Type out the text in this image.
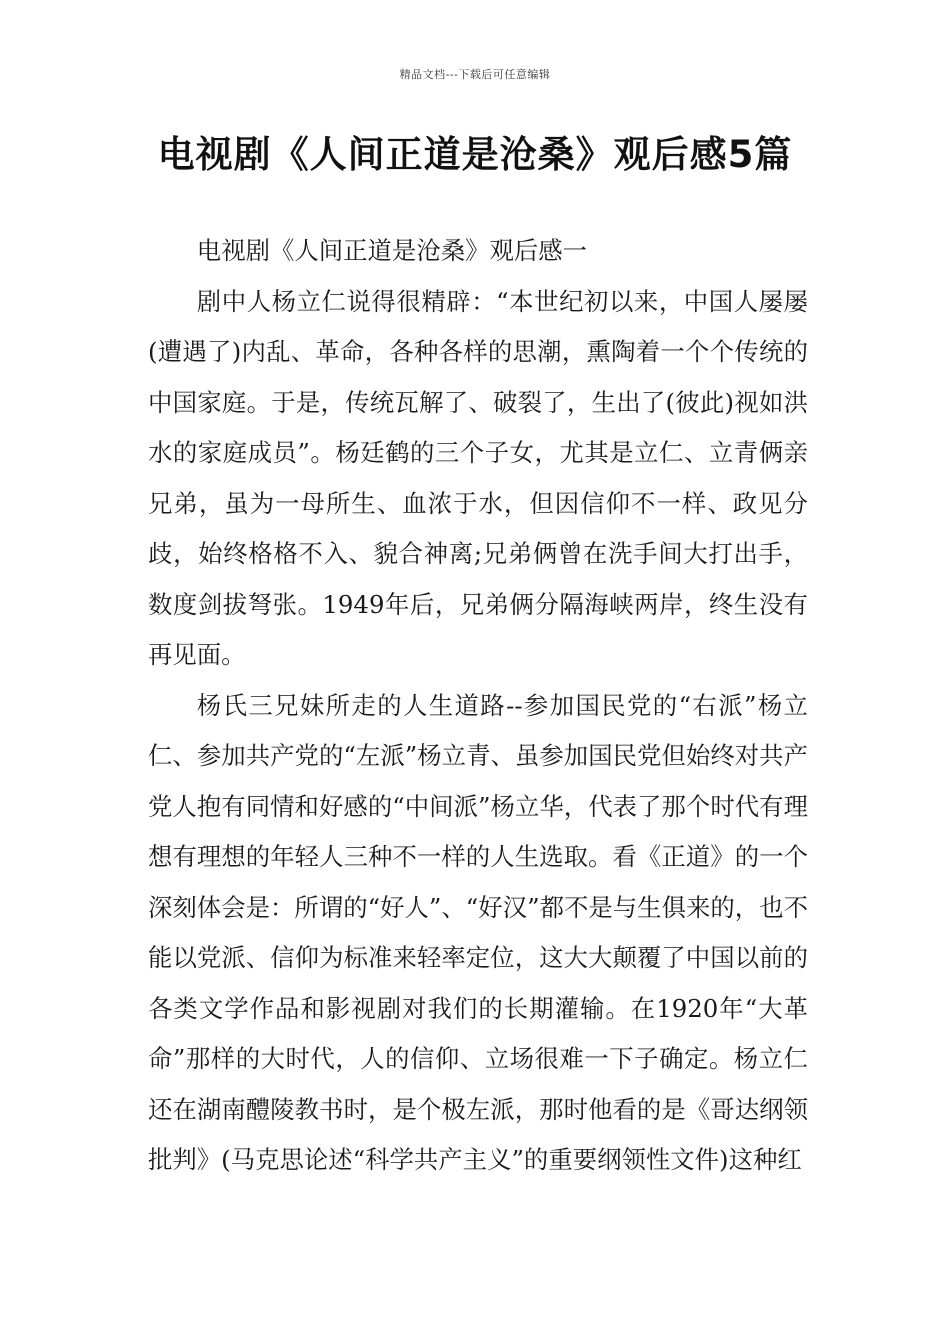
精品文档---下载后可任意编辑
电视剧《人间正道是沧桑》观后感5篇

电视剧《人间正道是沧桑》观后感一

剧中人杨立仁说得很精辟：“本世纪初以来，中国人屡屡(遭遇了)内乱、革命，各种各样的思潮，熏陶着一个个传统的中国家庭。于是，传统瓦解了、破裂了，生出了(彼此)视如洪水的家庭成员”。杨廷鹤的三个子女，尤其是立仁、立青俩亲兄弟，虽为一母所生、血浓于水，但因信仰不一样、政见分歧，始终格格不入、貌合神离;兄弟俩曾在洗手间大打出手，数度剑拔弩张。1949年后，兄弟俩分隔海峡两岸，终生没有再见面。

杨氏三兄妹所走的人生道路--参加国民党的“右派”杨立仁、参加共产党的“左派”杨立青、虽参加国民党但始终对共产党人抱有同情和好感的“中间派”杨立华，代表了那个时代有理想有理想的年轻人三种不一样的人生选取。看《正道》的一个深刻体会是：所谓的“好人”、“好汉”都不是与生俱来的，也不能以党派、信仰为标准来轻率定位，这大大颠覆了中国以前的各类文学作品和影视剧对我们的长期灌输。在1920年“大革命”那样的大时代，人的信仰、立场很难一下子确定。杨立仁还在湖南醴陵教书时，是个极左派，那时他看的是《哥达纲领批判》(马克思论述“科学共产主义”的重要纲领性文件)这种红
